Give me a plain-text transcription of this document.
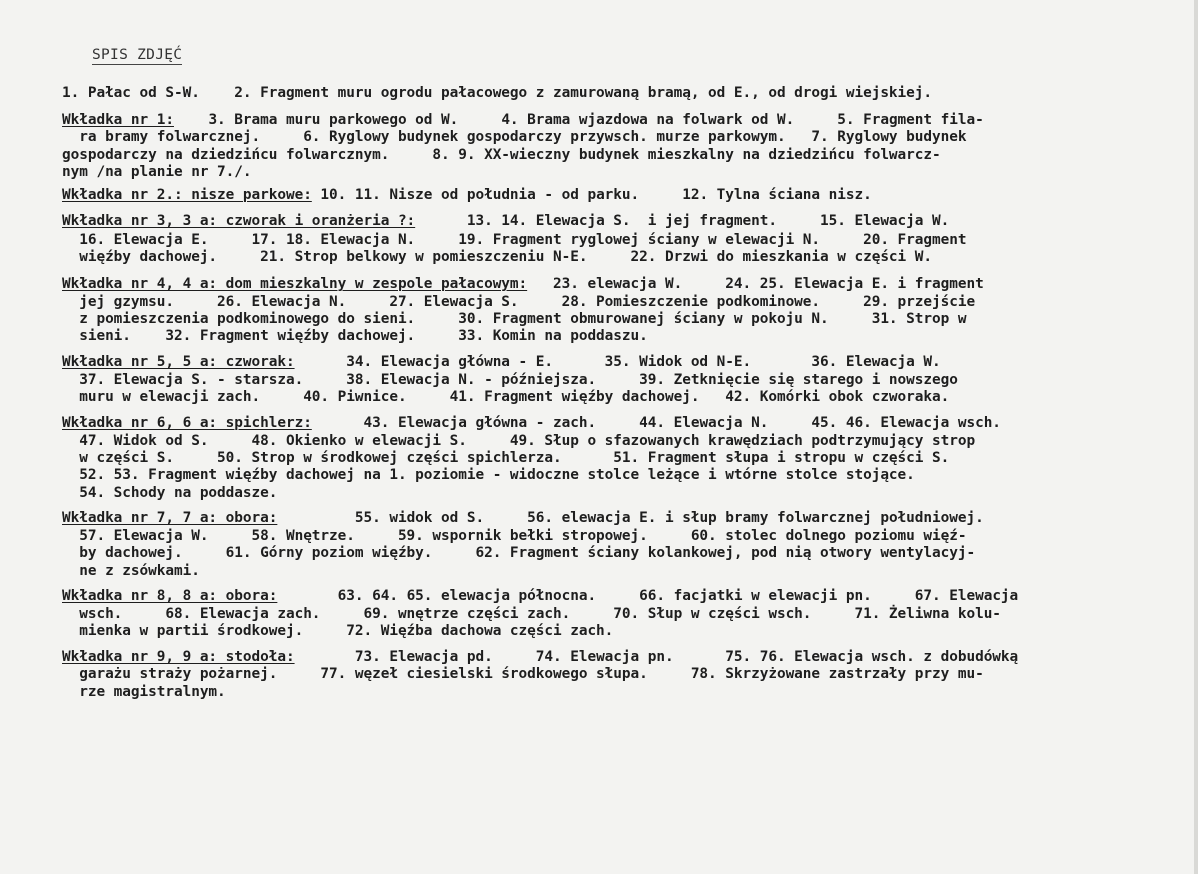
SPIS ZDJĘĆ
1. Pałac od S-W.    2. Fragment muru ogrodu pałacowego z zamurowaną bramą, od E., od drogi wiejskiej.
Wkładka nr 1:    3. Brama muru parkowego od W.     4. Brama wjazdowa na folwark od W.     5. Fragment fila-
ra bramy folwarcznej.     6. Ryglowy budynek gospodarczy przywsch. murze parkowym.   7. Ryglowy budynek
gospodarczy na dziedzińcu folwarcznym.     8. 9. XX-wieczny budynek mieszkalny na dziedzińcu folwarcz-
nym /na planie nr 7./.
Wkładka nr 2.: nisze parkowe: 10. 11. Nisze od południa - od parku.     12. Tylna ściana nisz.
Wkładka nr 3, 3 a: czworak i oranżeria ?:      13. 14. Elewacja S.  i jej fragment.     15. Elewacja W.
16. Elewacja E.     17. 18. Elewacja N.     19. Fragment ryglowej ściany w elewacji N.     20. Fragment
więźby dachowej.     21. Strop belkowy w pomieszczeniu N-E.     22. Drzwi do mieszkania w części W.
Wkładka nr 4, 4 a: dom mieszkalny w zespole pałacowym:   23. elewacja W.     24. 25. Elewacja E. i fragment
jej gzymsu.     26. Elewacja N.     27. Elewacja S.     28. Pomieszczenie podkominowe.     29. przejście
z pomieszczenia podkominowego do sieni.     30. Fragment obmurowanej ściany w pokoju N.     31. Strop w
sieni.    32. Fragment więźby dachowej.     33. Komin na poddaszu.
Wkładka nr 5, 5 a: czworak:      34. Elewacja główna - E.      35. Widok od N-E.       36. Elewacja W.
37. Elewacja S. - starsza.     38. Elewacja N. - późniejsza.     39. Zetknięcie się starego i nowszego
muru w elewacji zach.     40. Piwnice.     41. Fragment więźby dachowej.   42. Komórki obok czworaka.
Wkładka nr 6, 6 a: spichlerz:      43. Elewacja główna - zach.     44. Elewacja N.     45. 46. Elewacja wsch.
47. Widok od S.     48. Okienko w elewacji S.     49. Słup o sfazowanych krawędziach podtrzymujący strop
w części S.     50. Strop w środkowej części spichlerza.      51. Fragment słupa i stropu w części S.
52. 53. Fragment więźby dachowej na 1. poziomie - widoczne stolce leżące i wtórne stolce stojące.
54. Schody na poddasze.
Wkładka nr 7, 7 a: obora:         55. widok od S.     56. elewacja E. i słup bramy folwarcznej południowej.
57. Elewacja W.     58. Wnętrze.     59. wspornik bełki stropowej.     60. stolec dolnego poziomu więź-
by dachowej.     61. Górny poziom więźby.     62. Fragment ściany kolankowej, pod nią otwory wentylacyj-
ne z zsówkami.
Wkładka nr 8, 8 a: obora:       63. 64. 65. elewacja północna.     66. facjatki w elewacji pn.     67. Elewacja
wsch.     68. Elewacja zach.     69. wnętrze części zach.     70. Słup w części wsch.     71. Żeliwna kolu-
mienka w partii środkowej.     72. Więźba dachowa części zach.
Wkładka nr 9, 9 a: stodoła:       73. Elewacja pd.     74. Elewacja pn.      75. 76. Elewacja wsch. z dobudówką
garażu straży pożarnej.     77. węzeł ciesielski środkowego słupa.     78. Skrzyżowane zastrzały przy mu-
rze magistralnym.
